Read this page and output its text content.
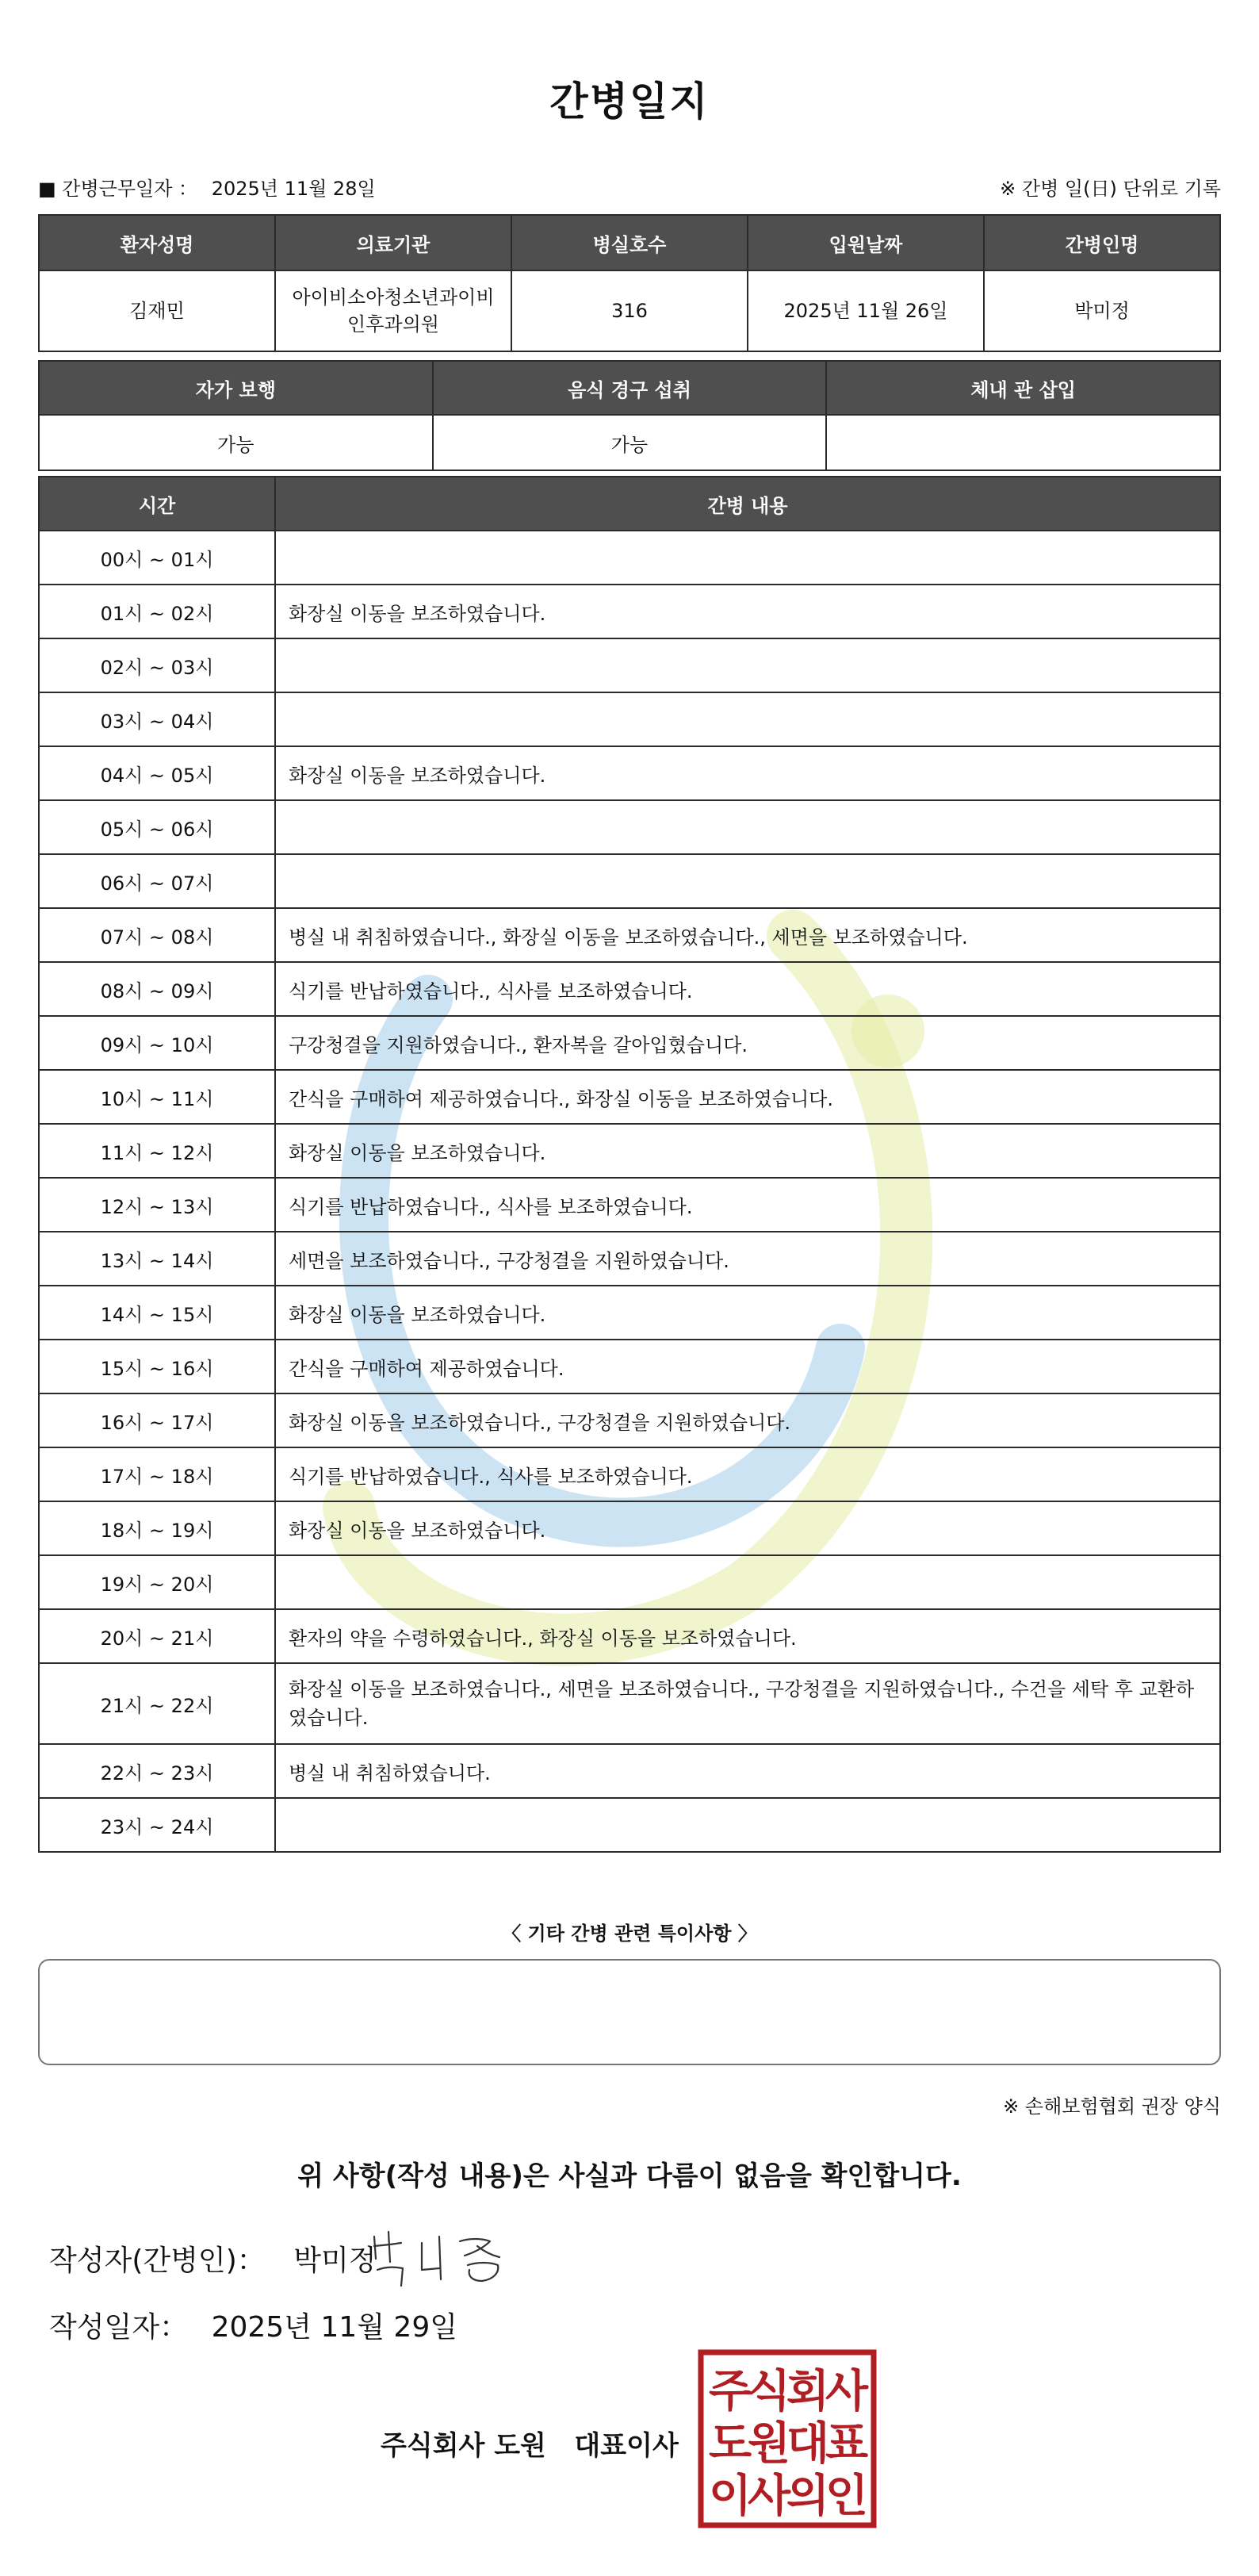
간병일지
■ 간병근무일자 ： 2025년 11월 28일	※ 간병 일(日) 단위로 기록
환자성명	의료기관	병실호수	입원날짜	간병인명
김재민	아이비소아청소년과이비인후과의원	316	2025년 11월 26일	박미정
자가 보행	음식 경구 섭취	체내 관 삽입
가능	가능	
시간	간병 내용
00시 ~ 01시	
01시 ~ 02시	화장실 이동을 보조하였습니다.
02시 ~ 03시	
03시 ~ 04시	
04시 ~ 05시	화장실 이동을 보조하였습니다.
05시 ~ 06시	
06시 ~ 07시	
07시 ~ 08시	병실 내 취침하였습니다., 화장실 이동을 보조하였습니다., 세면을 보조하였습니다.
08시 ~ 09시	식기를 반납하였습니다., 식사를 보조하였습니다.
09시 ~ 10시	구강청결을 지원하였습니다., 환자복을 갈아입혔습니다.
10시 ~ 11시	간식을 구매하여 제공하였습니다., 화장실 이동을 보조하였습니다.
11시 ~ 12시	화장실 이동을 보조하였습니다.
12시 ~ 13시	식기를 반납하였습니다., 식사를 보조하였습니다.
13시 ~ 14시	세면을 보조하였습니다., 구강청결을 지원하였습니다.
14시 ~ 15시	화장실 이동을 보조하였습니다.
15시 ~ 16시	간식을 구매하여 제공하였습니다.
16시 ~ 17시	화장실 이동을 보조하였습니다., 구강청결을 지원하였습니다.
17시 ~ 18시	식기를 반납하였습니다., 식사를 보조하였습니다.
18시 ~ 19시	화장실 이동을 보조하였습니다.
19시 ~ 20시	
20시 ~ 21시	환자의 약을 수령하였습니다., 화장실 이동을 보조하였습니다.
21시 ~ 22시	화장실 이동을 보조하였습니다., 세면을 보조하였습니다., 구강청결을 지원하였습니다., 수건을 세탁 후 교환하였습니다.
22시 ~ 23시	병실 내 취침하였습니다.
23시 ~ 24시	
〈 기타 간병 관련 특이사항 〉
※ 손해보험협회 권장 양식
위 사항(작성 내용)은 사실과 다름이 없음을 확인합니다.
작성자(간병인)： 박미정
작성일자： 2025년 11월 29일
주식회사 도원   대표이사
주
식
회
사
도
원
대
표
이
사
의
인
